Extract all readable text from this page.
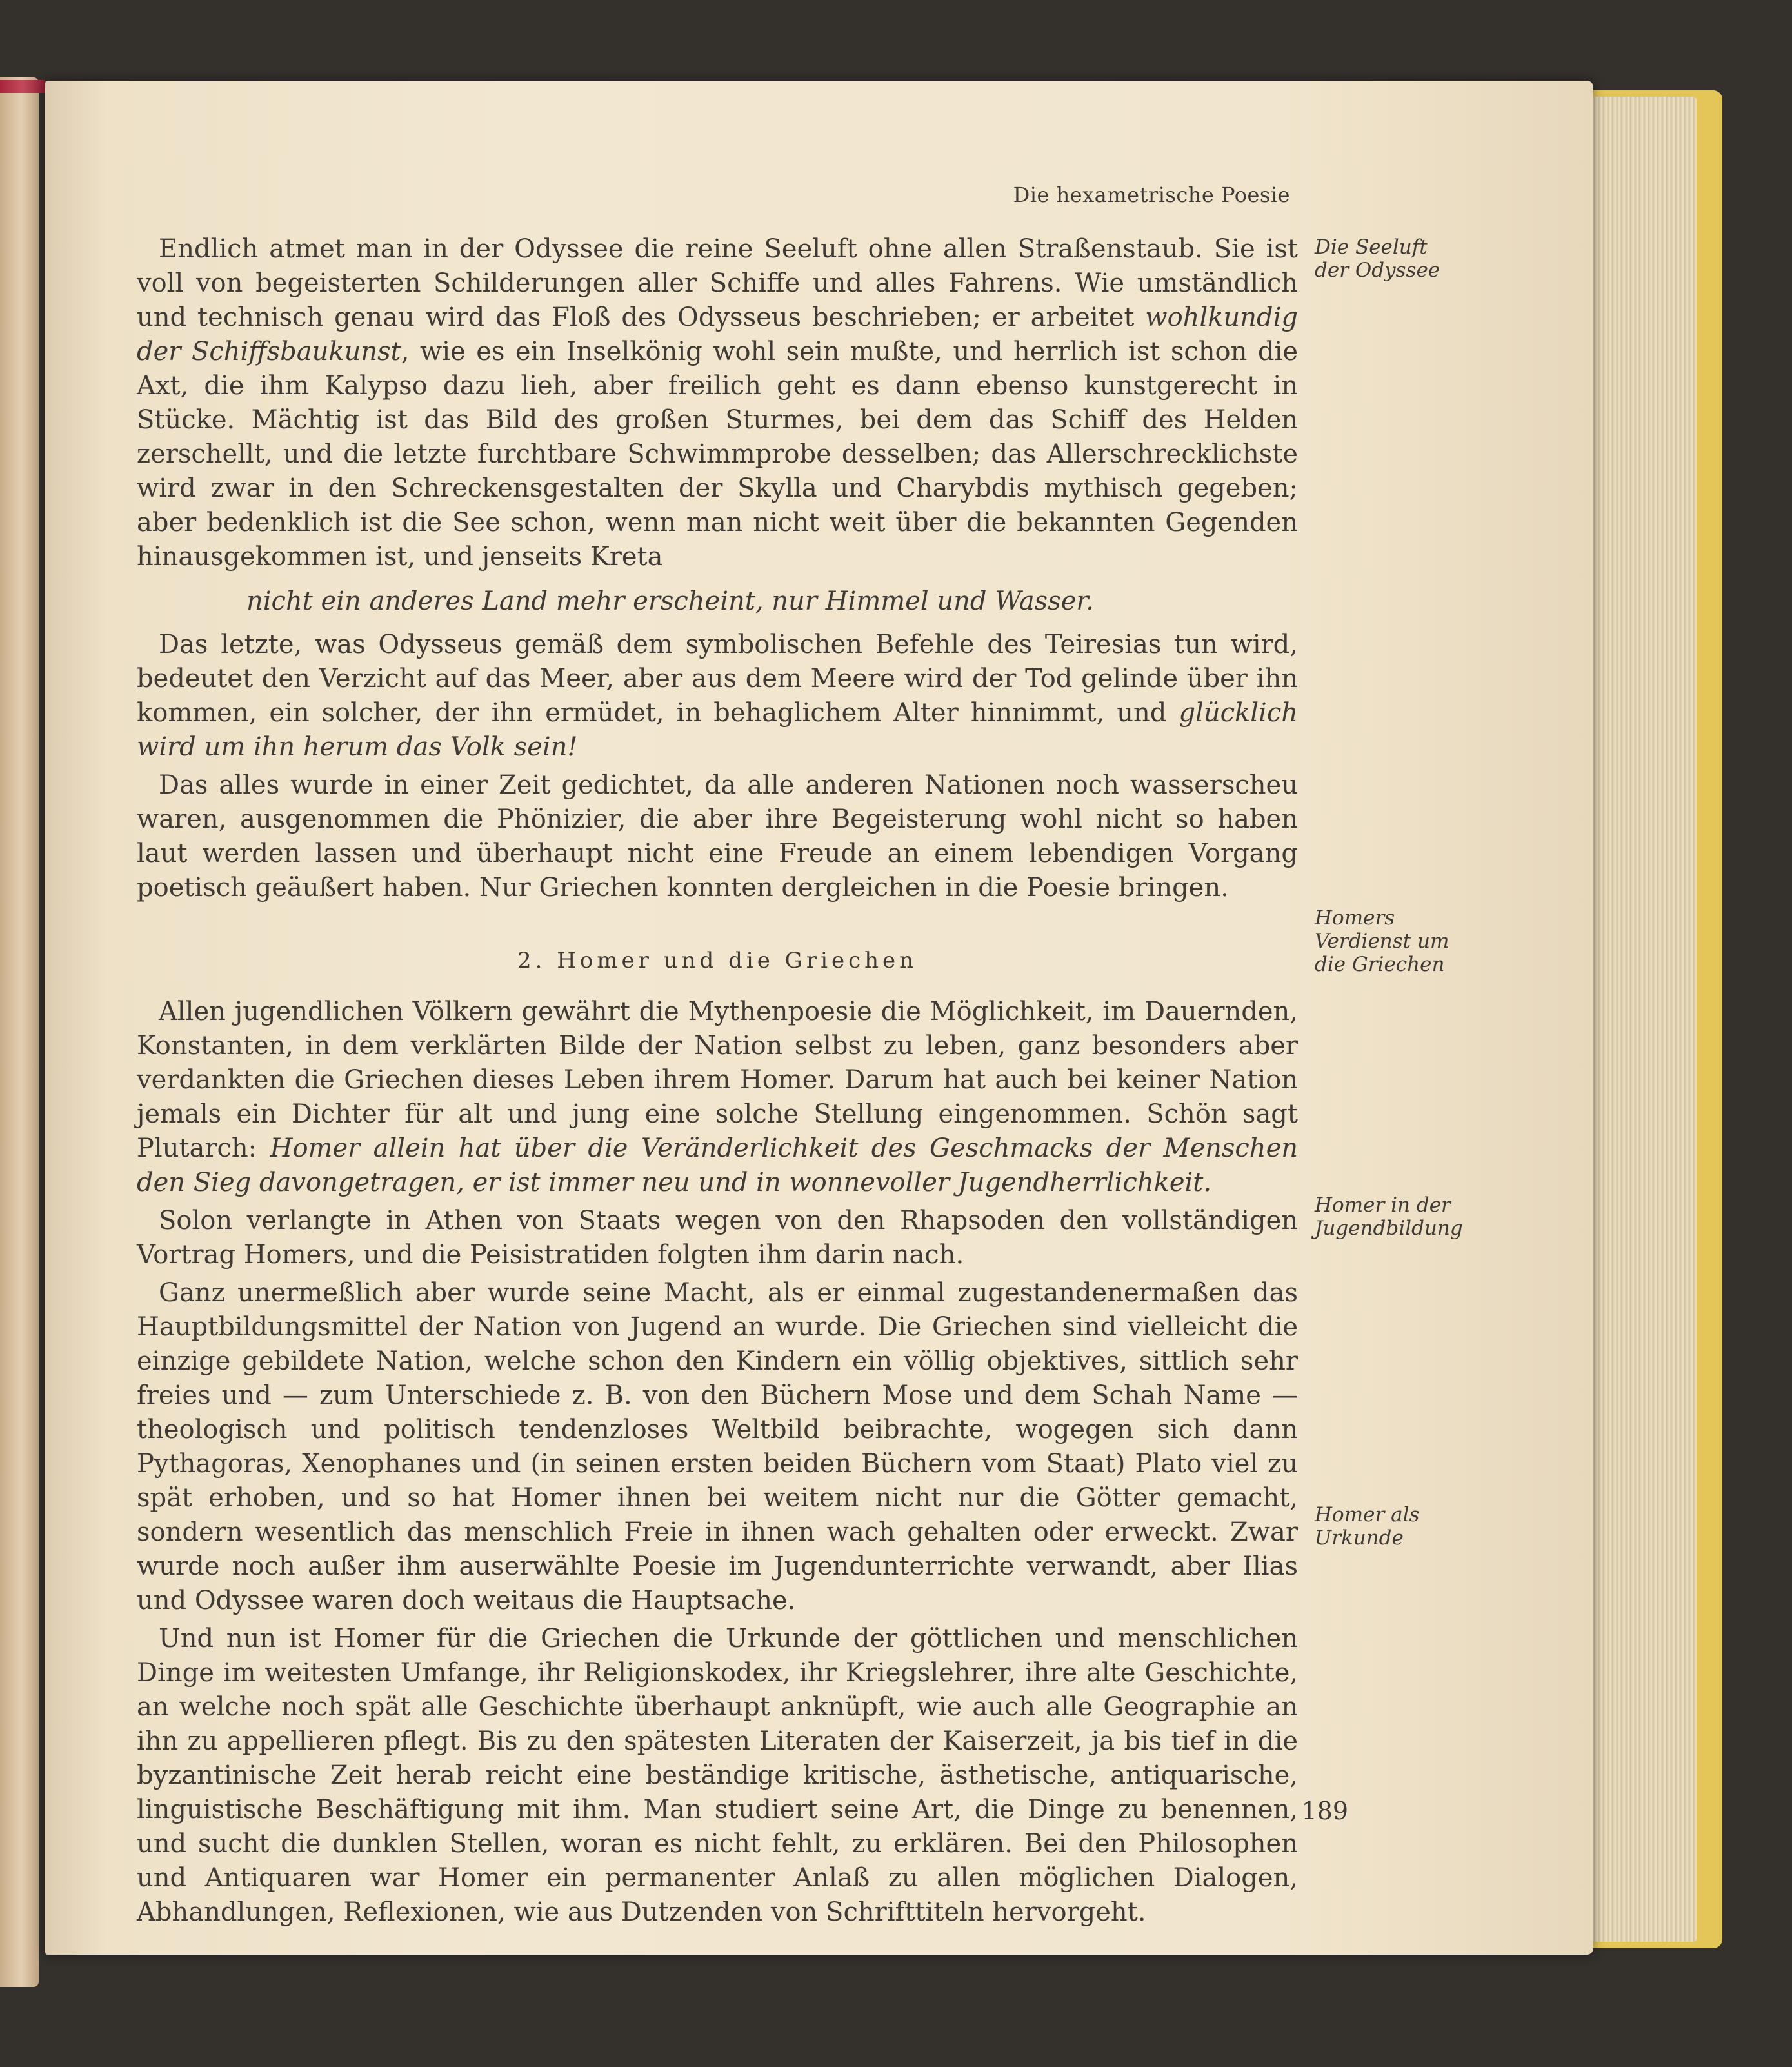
Die hexametrische Poesie

Endlich atmet man in der Odyssee die reine Seeluft ohne allen Straßenstaub. Sie ist voll von begeisterten Schilderungen aller Schiffe und alles Fahrens. Wie umständlich und technisch genau wird das Floß des Odysseus beschrieben; er arbeitet wohlkundig der Schiffsbaukunst, wie es ein Inselkönig wohl sein mußte, und herrlich ist schon die Axt, die ihm Kalypso dazu lieh, aber freilich geht es dann ebenso kunstgerecht in Stücke. Mächtig ist das Bild des großen Sturmes, bei dem das Schiff des Helden zerschellt, und die letzte furchtbare Schwimmprobe desselben; das Allerschrecklichste wird zwar in den Schreckensgestalten der Skylla und Charybdis mythisch gegeben; aber bedenklich ist die See schon, wenn man nicht weit über die bekannten Gegenden hinausgekommen ist, und jenseits Kreta

nicht ein anderes Land mehr erscheint, nur Himmel und Wasser.

Das letzte, was Odysseus gemäß dem symbolischen Befehle des Teiresias tun wird, bedeutet den Verzicht auf das Meer, aber aus dem Meere wird der Tod gelinde über ihn kommen, ein solcher, der ihn ermüdet, in behaglichem Alter hinnimmt, und glücklich wird um ihn herum das Volk sein!

Das alles wurde in einer Zeit gedichtet, da alle anderen Nationen noch wasserscheu waren, ausgenommen die Phönizier, die aber ihre Begeisterung wohl nicht so haben laut werden lassen und überhaupt nicht eine Freude an einem lebendigen Vorgang poetisch geäußert haben. Nur Griechen konnten dergleichen in die Poesie bringen.

2. Homer und die Griechen

Allen jugendlichen Völkern gewährt die Mythenpoesie die Möglichkeit, im Dauernden, Konstanten, in dem verklärten Bilde der Nation selbst zu leben, ganz besonders aber verdankten die Griechen dieses Leben ihrem Homer. Darum hat auch bei keiner Nation jemals ein Dichter für alt und jung eine solche Stellung eingenommen. Schön sagt Plutarch: Homer allein hat über die Veränderlichkeit des Geschmacks der Menschen den Sieg davongetragen, er ist immer neu und in wonnevoller Jugendherrlichkeit.

Solon verlangte in Athen von Staats wegen von den Rhapsoden den vollständigen Vortrag Homers, und die Peisistratiden folgten ihm darin nach.

Ganz unermeßlich aber wurde seine Macht, als er einmal zugestandenermaßen das Hauptbildungsmittel der Nation von Jugend an wurde. Die Griechen sind vielleicht die einzige gebildete Nation, welche schon den Kindern ein völlig objektives, sittlich sehr freies und — zum Unterschiede z. B. von den Büchern Mose und dem Schah Name — theologisch und politisch tendenzloses Weltbild beibrachte, wogegen sich dann Pythagoras, Xenophanes und (in seinen ersten beiden Büchern vom Staat) Plato viel zu spät erhoben, und so hat Homer ihnen bei weitem nicht nur die Götter gemacht, sondern wesentlich das menschlich Freie in ihnen wach gehalten oder erweckt. Zwar wurde noch außer ihm auserwählte Poesie im Jugendunterrichte verwandt, aber Ilias und Odyssee waren doch weitaus die Hauptsache.

Und nun ist Homer für die Griechen die Urkunde der göttlichen und menschlichen Dinge im weitesten Umfange, ihr Religionskodex, ihr Kriegslehrer, ihre alte Geschichte, an welche noch spät alle Geschichte überhaupt anknüpft, wie auch alle Geographie an ihn zu appellieren pflegt. Bis zu den spätesten Literaten der Kaiserzeit, ja bis tief in die byzantinische Zeit herab reicht eine beständige kritische, ästhetische, antiquarische, linguistische Beschäftigung mit ihm. Man studiert seine Art, die Dinge zu benennen, und sucht die dunklen Stellen, woran es nicht fehlt, zu erklären. Bei den Philosophen und Antiquaren war Homer ein permanenter Anlaß zu allen möglichen Dialogen, Abhandlungen, Reflexionen, wie aus Dutzenden von Schrifttiteln hervorgeht.

Die Seeluft der Odyssee
Homers Verdienst um die Griechen
Homer in der Jugendbildung
Homer als Urkunde
189
